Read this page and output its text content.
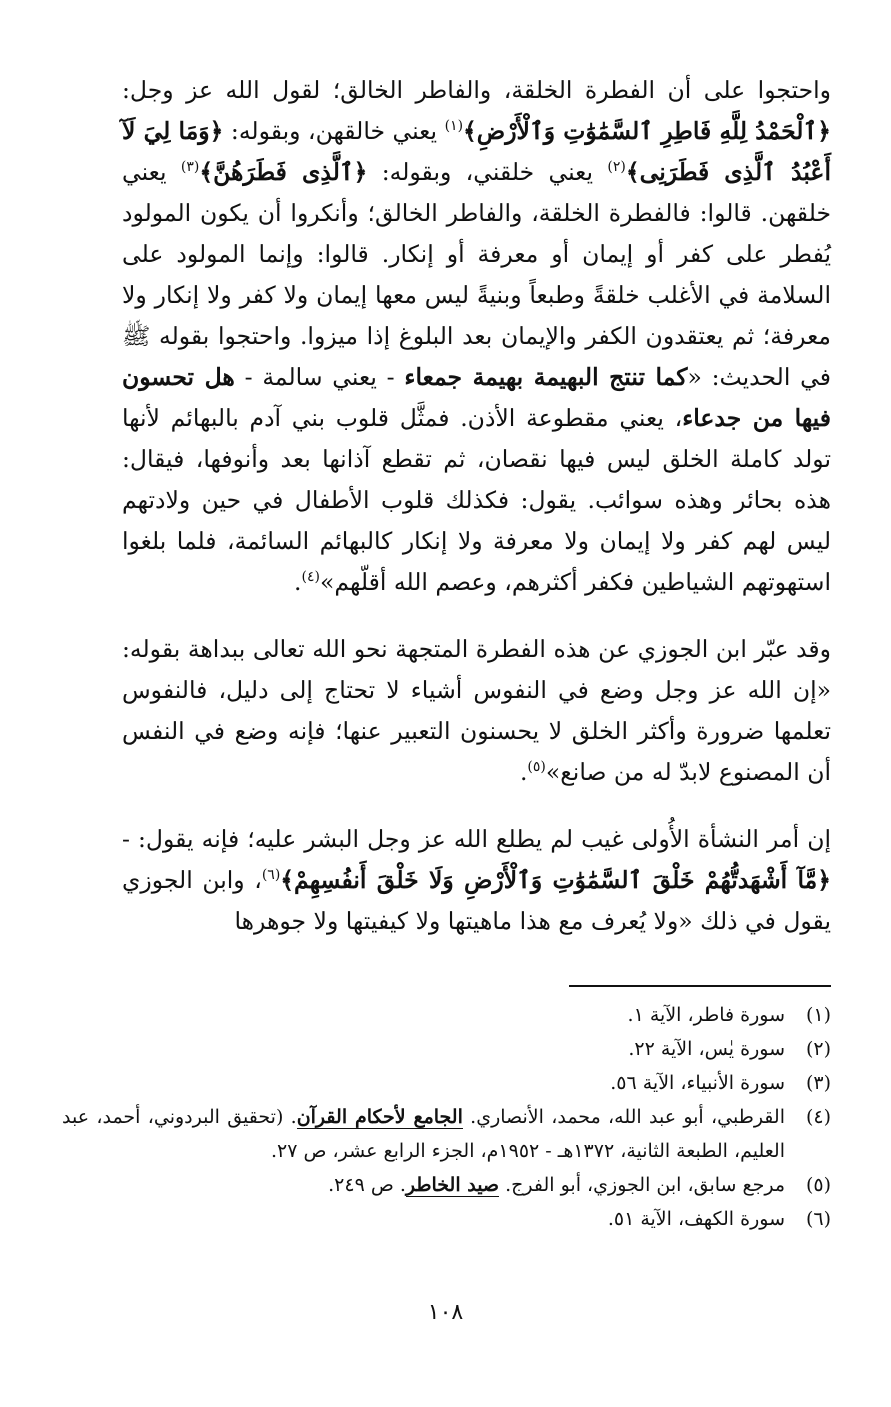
واحتجوا على أن الفطرة الخلقة، والفاطر الخالق؛ لقول الله عز وجل: ﴿ٱلْحَمْدُ لِلَّهِ فَاطِرِ ٱلسَّمَٰوَٰتِ وَٱلْأَرْضِ﴾$^{(١)}$ يعني خالقهن، وبقوله: ﴿وَمَا لِيَ لَآ أَعْبُدُ ٱلَّذِى فَطَرَنِى﴾$^{(٢)}$ يعني خلقني، وبقوله: ﴿ٱلَّذِى فَطَرَهُنَّ﴾$^{(٣)}$ يعني خلقهن. قالوا: فالفطرة الخلقة، والفاطر الخالق؛ وأنكروا أن يكون المولود يُفطر على كفر أو إيمان أو معرفة أو إنكار. قالوا: وإنما المولود على السلامة في الأغلب خلقةً وطبعاً وبنيةً ليس معها إيمان ولا كفر ولا إنكار ولا معرفة؛ ثم يعتقدون الكفر والإيمان بعد البلوغ إذا ميزوا. واحتجوا بقوله ﷺ في الحديث: «كما تنتج البهيمة بهيمة جمعاء - يعني سالمة - هل تحسون فيها من جدعاء، يعني مقطوعة الأذن. فمثَّل قلوب بني آدم بالبهائم لأنها تولد كاملة الخلق ليس فيها نقصان، ثم تقطع آذانها بعد وأنوفها، فيقال: هذه بحائر وهذه سوائب. يقول: فكذلك قلوب الأطفال في حين ولادتهم ليس لهم كفر ولا إيمان ولا معرفة ولا إنكار كالبهائم السائمة، فلما بلغوا استهوتهم الشياطين فكفر أكثرهم، وعصم الله أقلّهم»$^{(٤)}$.

وقد عبّر ابن الجوزي عن هذه الفطرة المتجهة نحو الله تعالى ببداهة بقوله: «إن الله عز وجل وضع في النفوس أشياء لا تحتاج إلى دليل، فالنفوس تعلمها ضرورة وأكثر الخلق لا يحسنون التعبير عنها؛ فإنه وضع في النفس أن المصنوع لابدّ له من صانع»$^{(٥)}$.

إن أمر النشأة الأُولى غيب لم يطلع الله عز وجل البشر عليه؛ فإنه يقول: - ﴿مَّآ أَشْهَدتُّهُمْ خَلْقَ ٱلسَّمَٰوَٰتِ وَٱلْأَرْضِ وَلَا خَلْقَ أَنفُسِهِمْ﴾$^{(٦)}$، وابن الجوزي يقول في ذلك «ولا يُعرف مع هذا ماهيتها ولا كيفيتها ولا جوهرها

(١)
سورة فاطر، الآية ١.
(٢)
سورة يٰس، الآية ٢٢.
(٣)
سورة الأنبياء، الآية ٥٦.
(٤)
القرطبي، أبو عبد الله، محمد، الأنصاري. الجامع لأحكام القرآن. (تحقيق البردوني، أحمد، عبد العليم، الطبعة الثانية، ١٣٧٢هـ - ١٩٥٢م، الجزء الرابع عشر، ص ٢٧.
(٥)
مرجع سابق، ابن الجوزي، أبو الفرج. صيد الخاطر. ص ٢٤٩.
(٦)
سورة الكهف، الآية ٥١.
١٠٨
